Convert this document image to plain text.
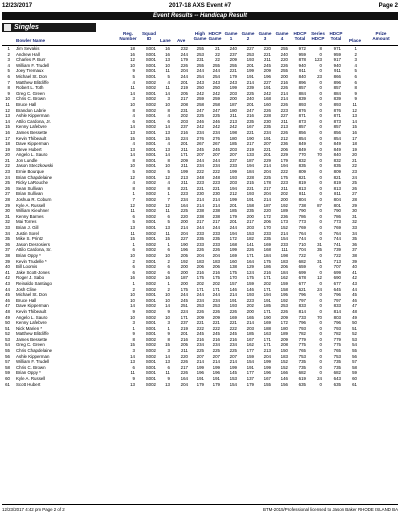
12/23/2017	2017-18 AXS Event #7	Page 2
Event Results -- Handicap Result
Singles
Bowler Name
Reg. Number
Squad ID	Lane Ave
High Game
HDCP Game
Game 1
Game 2
Game 3
Game 4
HDCP Total
Series HDCP
HDCP Total	Place
Prize Amount
1 Jim Sevakis	18 S001 16 232 255	21 240 227 220 255 972	8	971	1
2 Andrew Hall	16 S001 16 244 253	22 237 253 221 240 959	0	959	2
3 Charles P. Burr	12 S001 13 179 231	22 209 193 211 220 878 123	917	3
4 William F. Trudell	10 S001 10 226 255 255 255 201 245 226 940	0	940	4
5 Joey Tremaux	9 S001 11 204 244 244 221 199 209 255	911	0	911	5
6 Michael St. Don	5 S001	5 244 254 254 179 191 196 200 840	23	866	6
7 Matthew Blitcliffe	4 S002	4 201 243 243 243 214 227 216 896	0	896	6
8 Robert L. Toth	11 S002 11 219 250 250 199 239 191 226 857	0	857	8
9 Greg C. Green	14 S001 14 205 242 242 203 225 242 214 884	0	884	9
10 Chris C. Brown	3 S002	3 217 259 259 200 240 168 214 839	0	839	9
11 Bruce Hall	10 S002 10 208 258 258 187 201 160 226 893	0	893	11
12 Brandon Labrie	8 S002	8 231 247 247 180 247 226 223 876	0	876	12
13 Ashle Kipperman	4 S001	4 202 225 225 211 216 228 227 871	0	871	13
14 Attilo Cardona, Jr.	6 S001	6 203 246 246 213 235 230 211 873	0	873	14
15 Kenny Lafebvre	14 S002 14 237 242 242 242 167 235 213 857	0	857	15
16 James Bessette	13 S001 13 216 234 234 198 221 234 226 856	0	856	16
17 Kevin Thibeault	15 S001 15 224 276 276 180 190 191 212 854	0	854	17
18 Dave Kipperman	4 S001	4 201 267 267 185 217 207 236 849	0	849	18
19 Steve Hubert	13 S001 13	211 245 245 203 219 221 206 849	0	849	19
20 Angelo L. Sauro	14 S001 14 171 207 207 207 133 201 229 770	70	840	20
21 Jon Lundle	8 S001	8 209 244 244 237 187 229 179 832	0	832	21
22 Jason Steczkowski	10 S001 10	211 234 234 233 194 214 194 835	0	835	22
23 Ernie Bourque	5 S002	5 199 222 222 199 184 204 222 809	0	809	23
24 Brian Chapdelaine	12 S001 12 213 248 248 193 228 225 175 821	0	821	24
25 Ricky LaRouche	4 S002	4	211 223 223 203 215 178 223 819	0	819	25
26 Sean Sullivan	8 S002	8 221 221 221 194 221 217 211 813	0	813	26
27 Brian Sullivan	1 S002	1 223 230 230 212 193 204 202	811	0	811	27
28 Joshua R. Coburn	7 S002	7 234 214 214 199 191 214 200 804	0	804	28
29 Kyle A. Russell	12 S002 12 164 214 214 201 158 187 192 738	87	801	29
30 William Kieuhner	11 S002 11 225 238 238 185 235 220 189 790	0	790	30
31 Kenny Barnes	6 S002	6 220 238 238 179 200 172 236 786	0	786	31
32 Mai Torres	5 S001	5 200 217 217 201 217 206 173 773	0	773	32
33 Brian J. Gill	13 S001 13 214 244 244 244 203 170 152 769	0	769	33
34 Justin Sorel	11 S002 11 204 233 233 194 153 233 214 764	0	764	34
35 Mike S. Printz	15 S001 15 227 235 235 172 182 235 154 744	0	744	35
36 Jason Desrosiers	1 S002	1 190 233 233 168 141 169 233 710	31	741	36
37 Attilo Cardona, Sr.	6 S002	6 196 226 226 199 226 168 111 704	35	739	37
38 Brian Oppy *	10 S002 10 205 204 204 169 171 184 198 722	0	722	38
39 Kevin Trudelle *	2 S001	2 192 183 183 160 164 175 183 682	31	713	39
40 Bill Loomis	6 S002	6 200 206 206 138 129 186 206 659	0	707	40
41 Jake Scott-Jones	6 S002	6 200 216 216 175 124 216 184 699	0	699	41
42 Roger J. Sabo	16 S002 16 187 175 175 170 175 171 162 678	12	690	42
43 Reinaldo Santiago	1 S002	1 200 202 202 157 159 202 159 677	0	677	43
44 Josh Cline	2 S002	2 175 171 171 146 146 171 158 621	24	645	44
45 Michael St. Don	10 S001 10 244 244 244 214 193 194 195 796	0	796	45
46 Bruce Hall	10 S001 10 245 234 234 191 223 191 192 797	0	797	46
47 Dave Kipperman	14 S002 14 251 253 253 193 202 185 253 833	0	833	47
48 Kevin Thibeault	9 S002	9 224 226 226 226 200 171 226 814	0	814	48
49 Angelo L. Sauro	10 S002 10 171 209 209 169 165 190 209 733	70	803	49
50 Kenny Lafebvre	3 S001	3 237 221 221 221 214 169 172 796	0	796	50
51 Nick Marien *	1 S001	1 219 222 222 222 203 188 180 793	0	793	51
52 Matthew Blitcliffe	9 S001	9 201 245 245 245 185 163 189 782	0	782	52
53 James Bessette	8 S002	8 216 216 216 216 167 171 209 779	0	779	53
54 Greg C. Green	15 S002 15 205 234 234 234 162 171 208 775	0	775	54
55 Chris Chapdelaine	3 S002	3	211 225 225 225 177 213 150 765	0	765	55
56 Ashle Kipperman	14 S002 14 220 207 207 207 159 204 183 753	0	753	56
57 William F. Trudell	13 S001 13 226 214 214 214 154 199 152 735	0	735	57
58 Chris C. Brown	6 S001	6 217 199 199 199 191 199 152 735	0	735	58
59 Brian Oppy *	11 S001 11 226 196 196 145 177 196 166 682	0	682	59
60 Kyle A. Russell	9 S001	9 164 191 191 153 137 167 146 619	24	643	60
61 Scott Hubert	13 S002 13 204 179 179 154 179 155 156 635	0	635	61
12/23/2017 4:42 pm Page 2 of 2	BTM-2015/Professional licensed to Jason Baker RHODE ISLAND BA
